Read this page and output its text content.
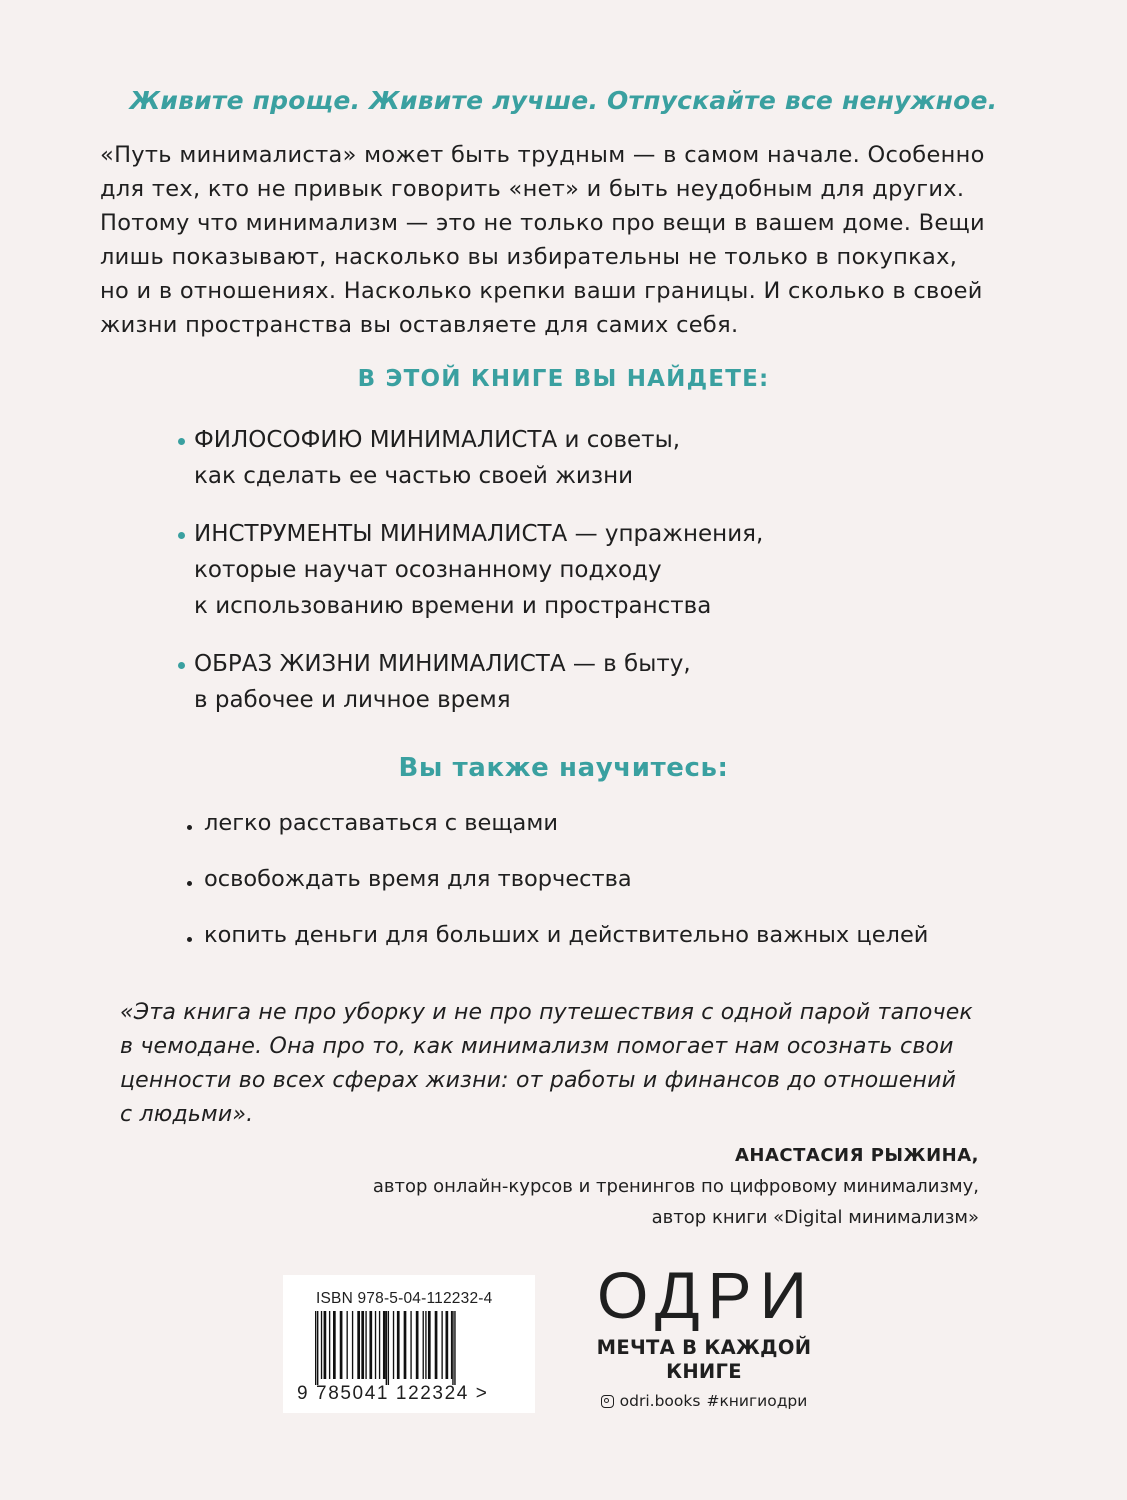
Живите проще. Живите лучше. Отпускайте все ненужное.
«Путь минималиста» может быть трудным — в самом начале. Особенно
для тех, кто не привык говорить «нет» и быть неудобным для других.
Потому что минимализм — это не только про вещи в вашем доме. Вещи
лишь показывают, насколько вы избирательны не только в покупках,
но и в отношениях. Насколько крепки ваши границы. И сколько в своей
жизни пространства вы оставляете для самих себя.
В ЭТОЙ КНИГЕ ВЫ НАЙДЕТЕ:
ФИЛОСОФИЮ МИНИМАЛИСТА и советы,
как сделать ее частью своей жизни
ИНСТРУМЕНТЫ МИНИМАЛИСТА — упражнения,
которые научат осознанному подходу
к использованию времени и пространства
ОБРАЗ ЖИЗНИ МИНИМАЛИСТА — в быту,
в рабочее и личное время
Вы также научитесь:
легко расставаться с вещами
освобождать время для творчества
копить деньги для больших и действительно важных целей
«Эта книга не про уборку и не про путешествия с одной парой тапочек
в чемодане. Она про то, как минимализм помогает нам осознать свои
ценности во всех сферах жизни: от работы и финансов до отношений
с людьми».
АНАСТАСИЯ РЫЖИНА,
автор онлайн-курсов и тренингов по цифровому минимализму,
автор книги «Digital минимализм»
ISBN 978-5-04-112232-4
9 785041 122324 >
ОДРИ
МЕЧТА В КАЖДОЙ
КНИГЕ
odri.books #книгиодри
